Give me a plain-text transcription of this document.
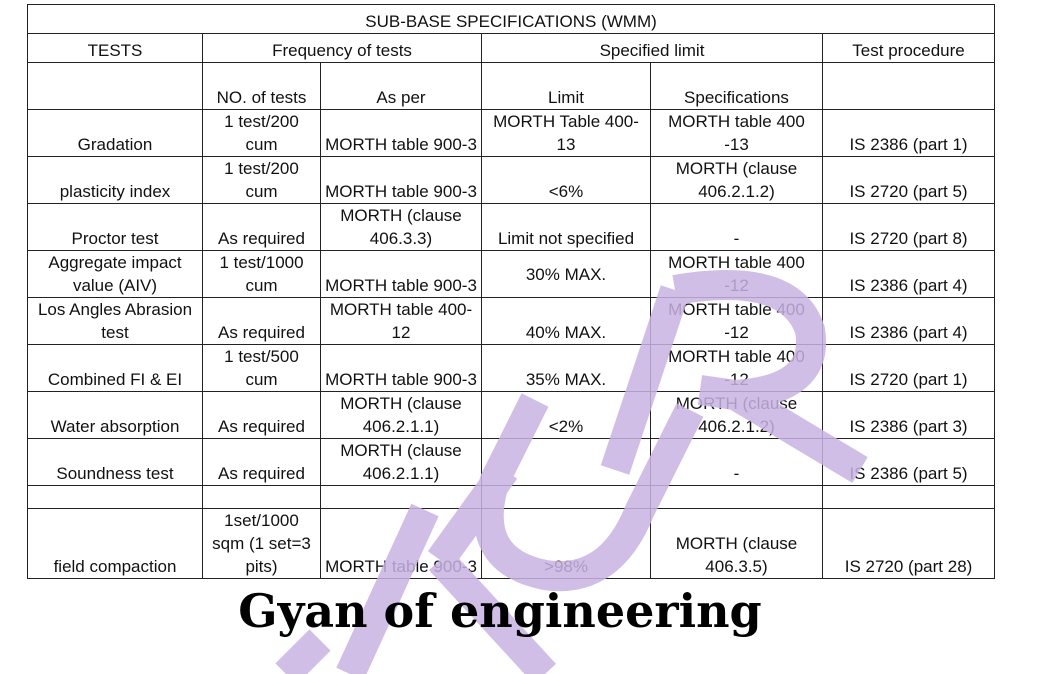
SUB-BASE SPECIFICATIONS (WMM)					
TESTS	Frequency of tests		Specified limit		Test procedure
	NO. of tests	As per	Limit	Specifications	
Gradation	1 test/200 cum	MORTH table 900-3	MORTH Table 400-13	MORTH table 400 -13	IS 2386 (part 1)
plasticity index	1 test/200 cum	MORTH table 900-3	<6%	MORTH (clause 406.2.1.2)	IS 2720 (part 5)
Proctor test	As required	MORTH (clause 406.3.3)	Limit not specified	-	IS 2720 (part 8)
Aggregate impact value (AIV)	1 test/1000 cum	MORTH table 900-3	30% MAX.	MORTH table 400 -12	IS 2386 (part 4)
Los Angles Abrasion test	As required	MORTH table 400-12	40% MAX.	MORTH table 400 -12	IS 2386 (part 4)
Combined FI & EI	1 test/500 cum	MORTH table 900-3	35% MAX.	MORTH table 400 -12	IS 2720 (part 1)
Water absorption	As required	MORTH (clause 406.2.1.1)	<2%	MORTH (clause 406.2.1.2)	IS 2386 (part 3)
Soundness test	As required	MORTH (clause 406.2.1.1)		-	IS 2386 (part 5)

field compaction	1set/1000 sqm (1 set=3 pits)	MORTH table 900-3	>98%	MORTH (clause 406.3.5)	IS 2720 (part 28)
Gyan of engineering
